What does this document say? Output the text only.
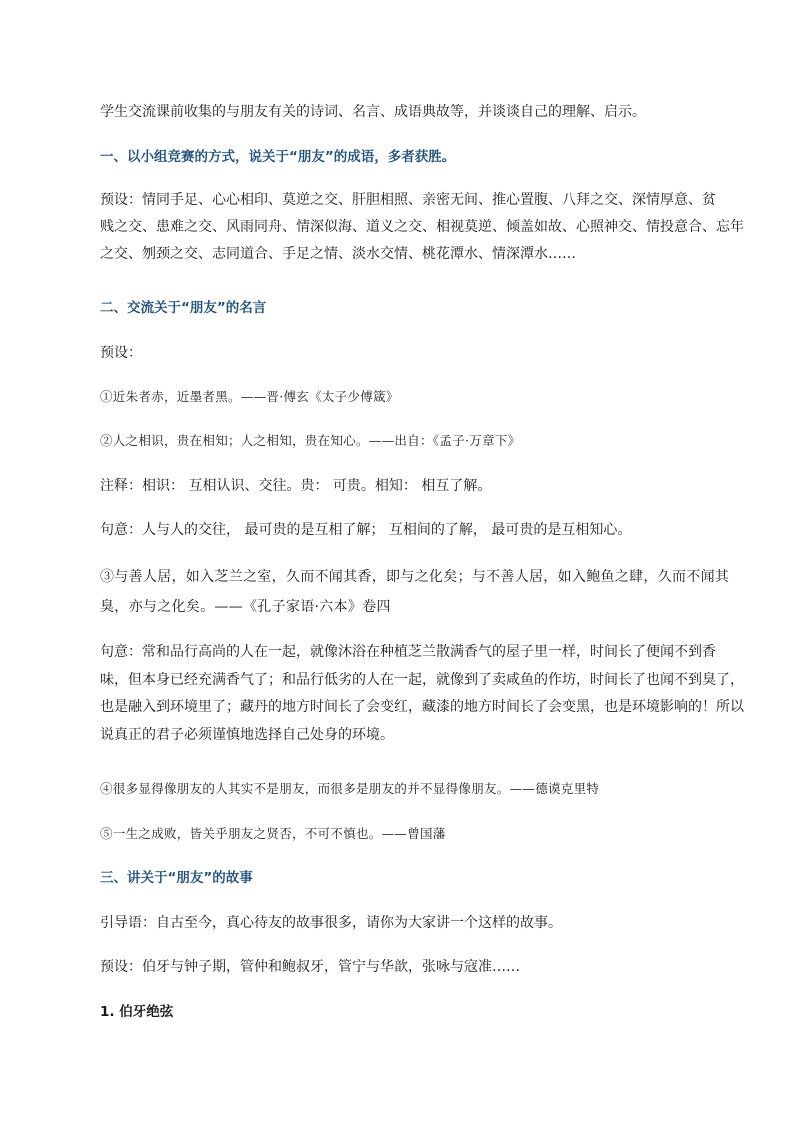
学生交流课前收集的与朋友有关的诗词、名言、成语典故等，并谈谈自己的理解、启示。
一、以小组竞赛的方式，说关于“朋友”的成语，多者获胜。
预设：情同手足、心心相印、莫逆之交、肝胆相照、亲密无间、推心置腹、八拜之交、深情厚意、贫
贱之交、患难之交、风雨同舟、情深似海、道义之交、相视莫逆、倾盖如故、心照神交、情投意合、忘年
之交、刎颈之交、志同道合、手足之情、淡水交情、桃花潭水、情深潭水……
二、交流关于“朋友”的名言
预设：
①近朱者赤，近墨者黑。——晋·傅玄《太子少傅箴》
②人之相识，贵在相知；人之相知，贵在知心。——出自：《孟子·万章下》
注释：相识： 互相认识、交往。贵： 可贵。相知： 相互了解。
句意：人与人的交往， 最可贵的是互相了解； 互相间的了解， 最可贵的是互相知心。
③与善人居，如入芝兰之室，久而不闻其香，即与之化矣；与不善人居，如入鲍鱼之肆，久而不闻其
臭，亦与之化矣。——《孔子家语·六本》卷四
句意：常和品行高尚的人在一起，就像沐浴在种植芝兰散满香气的屋子里一样，时间长了便闻不到香
味，但本身已经充满香气了；和品行低劣的人在一起，就像到了卖咸鱼的作坊，时间长了也闻不到臭了，
也是融入到环境里了；藏丹的地方时间长了会变红，藏漆的地方时间长了会变黑，也是环境影响的！所以
说真正的君子必须谨慎地选择自己处身的环境。
④很多显得像朋友的人其实不是朋友，而很多是朋友的并不显得像朋友。——德谟克里特
⑤一生之成败，皆关乎朋友之贤否，不可不慎也。——曾国藩
三、讲关于“朋友”的故事
引导语：自古至今，真心待友的故事很多，请你为大家讲一个这样的故事。
预设：伯牙与钟子期，管仲和鲍叔牙，管宁与华歆，张咏与寇准……
1. 伯牙绝弦
